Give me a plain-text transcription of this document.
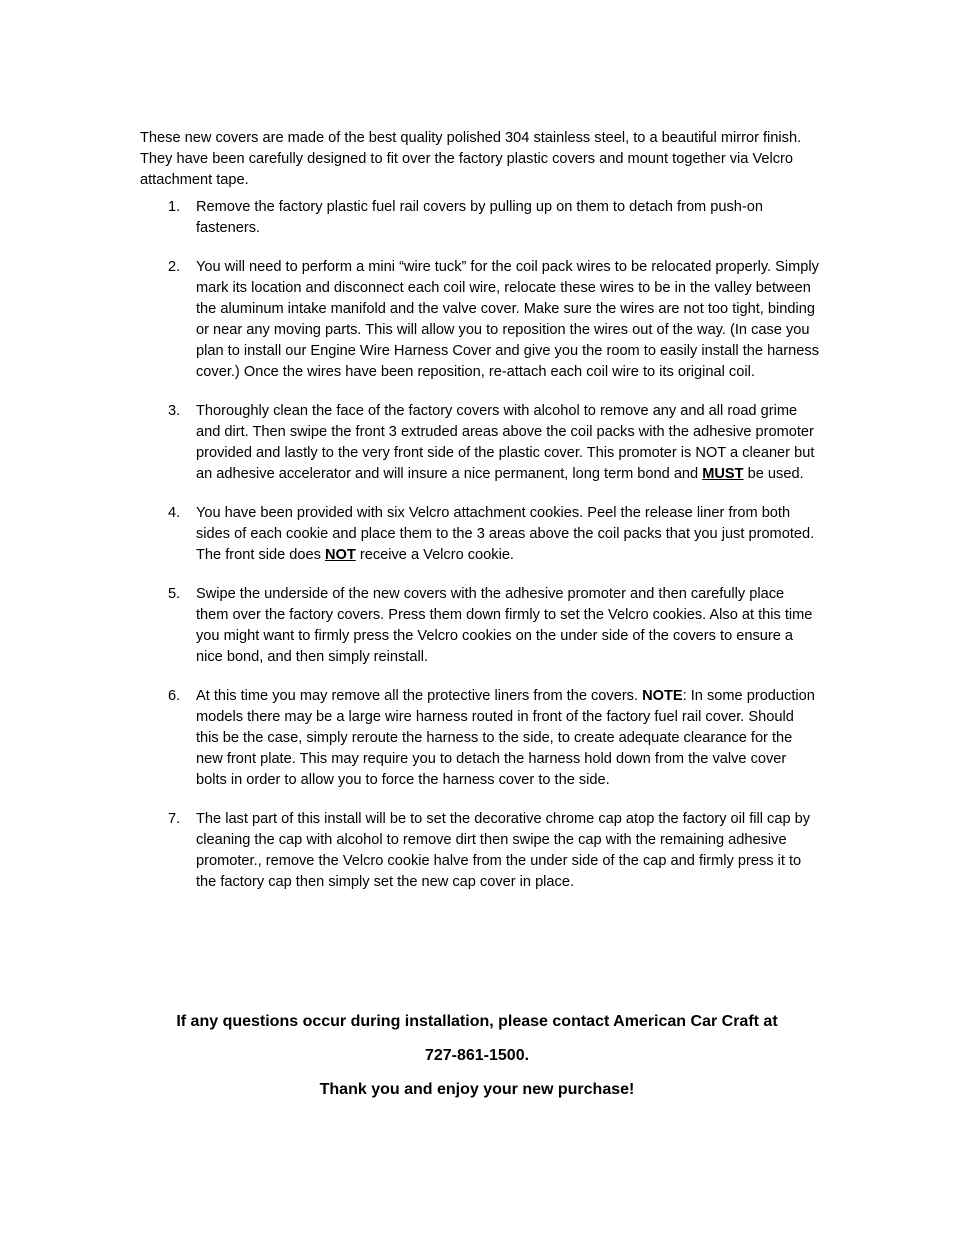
These new covers are made of the best quality polished 304 stainless steel, to a beautiful mirror finish. They have been carefully designed to fit over the factory plastic covers and mount together via Velcro attachment tape.

1. Remove the factory plastic fuel rail covers by pulling up on them to detach from push-on fasteners.
2. You will need to perform a mini “wire tuck” for the coil pack wires to be relocated properly. Simply mark its location and disconnect each coil wire, relocate these wires to be in the valley between the aluminum intake manifold and the valve cover. Make sure the wires are not too tight, binding or near any moving parts. This will allow you to reposition the wires out of the way. (In case you plan to install our Engine Wire Harness Cover and give you the room to easily install the harness cover.) Once the wires have been reposition, re-attach each coil wire to its original coil.
3. Thoroughly clean the face of the factory covers with alcohol to remove any and all road grime and dirt. Then swipe the front 3 extruded areas above the coil packs with the adhesive promoter provided and lastly to the very front side of the plastic cover. This promoter is NOT a cleaner but an adhesive accelerator and will insure a nice permanent, long term bond and MUST be used.
4. You have been provided with six Velcro attachment cookies. Peel the release liner from both sides of each cookie and place them to the 3 areas above the coil packs that you just promoted. The front side does NOT receive a Velcro cookie.
5. Swipe the underside of the new covers with the adhesive promoter and then carefully place them over the factory covers. Press them down firmly to set the Velcro cookies. Also at this time you might want to firmly press the Velcro cookies on the under side of the covers to ensure a nice bond, and then simply reinstall.
6. At this time you may remove all the protective liners from the covers. NOTE: In some production models there may be a large wire harness routed in front of the factory fuel rail cover. Should this be the case, simply reroute the harness to the side, to create adequate clearance for the new front plate. This may require you to detach the harness hold down from the valve cover bolts in order to allow you to force the harness cover to the side.
7. The last part of this install will be to set the decorative chrome cap atop the factory oil fill cap by cleaning the cap with alcohol to remove dirt then swipe the cap with the remaining adhesive promoter., remove the Velcro cookie halve from the under side of the cap and firmly press it to the factory cap then simply set the new cap cover in place.
If any questions occur during installation, please contact American Car Craft at
727-861-1500.
Thank you and enjoy your new purchase!
